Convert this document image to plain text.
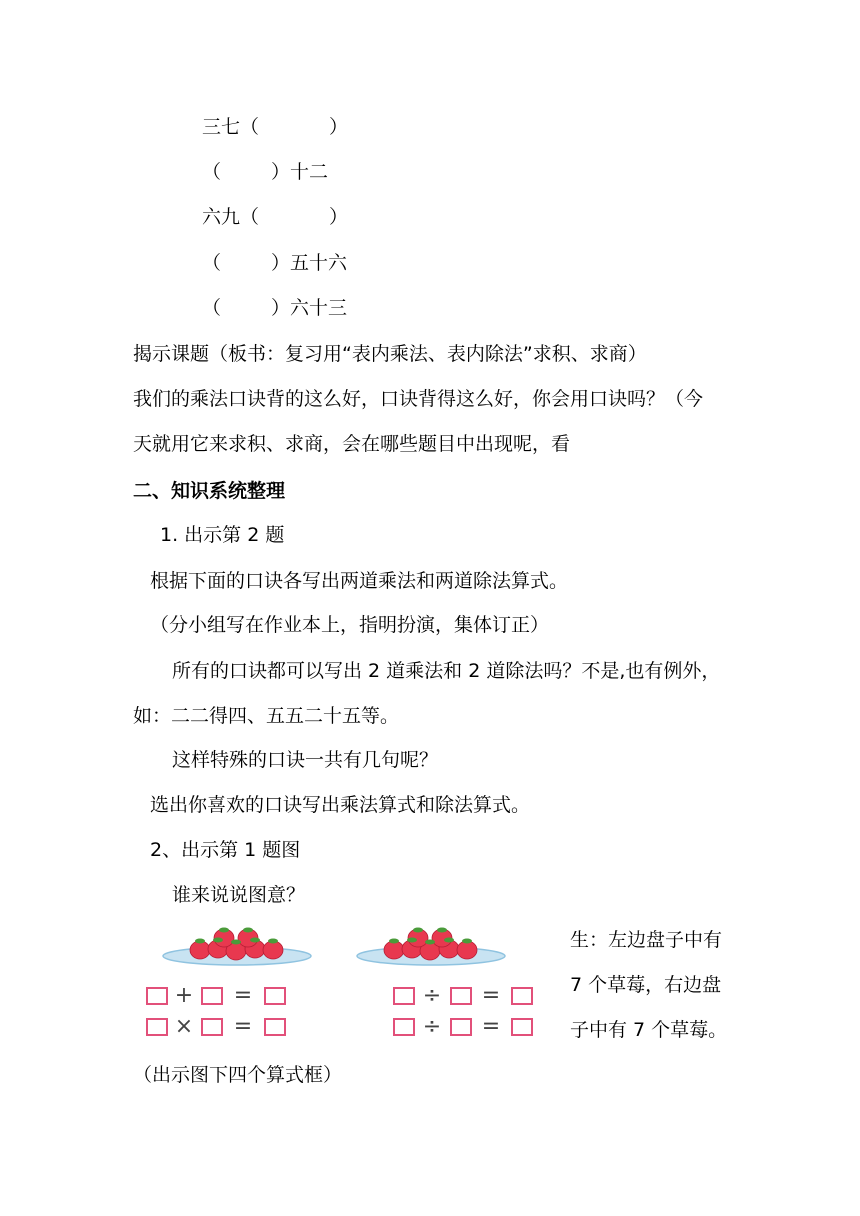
三七（	）
（	）十二
六九（	）
（	）五十六
（	）六十三
揭示课题（板书：复习用“表内乘法、表内除法”求积、求商）
我们的乘法口诀背的这么好，口诀背得这么好，你会用口诀吗？（今
天就用它来求积、求商，会在哪些题目中出现呢，看
二、知识系统整理
1. 出示第 2 题
根据下面的口诀各写出两道乘法和两道除法算式。
（分小组写在作业本上，指明扮演，集体订正）
所有的口诀都可以写出 2 道乘法和 2 道除法吗？不是,也有例外，
如：二二得四、五五二十五等。
这样特殊的口诀一共有几句呢？
选出你喜欢的口诀写出乘法算式和除法算式。
2、出示第 1 题图
谁来说说图意？
生：左边盘子中有
7 个草莓，右边盘
子中有 7 个草莓。
+ =
× =
÷ =
÷ =
（出示图下四个算式框）
